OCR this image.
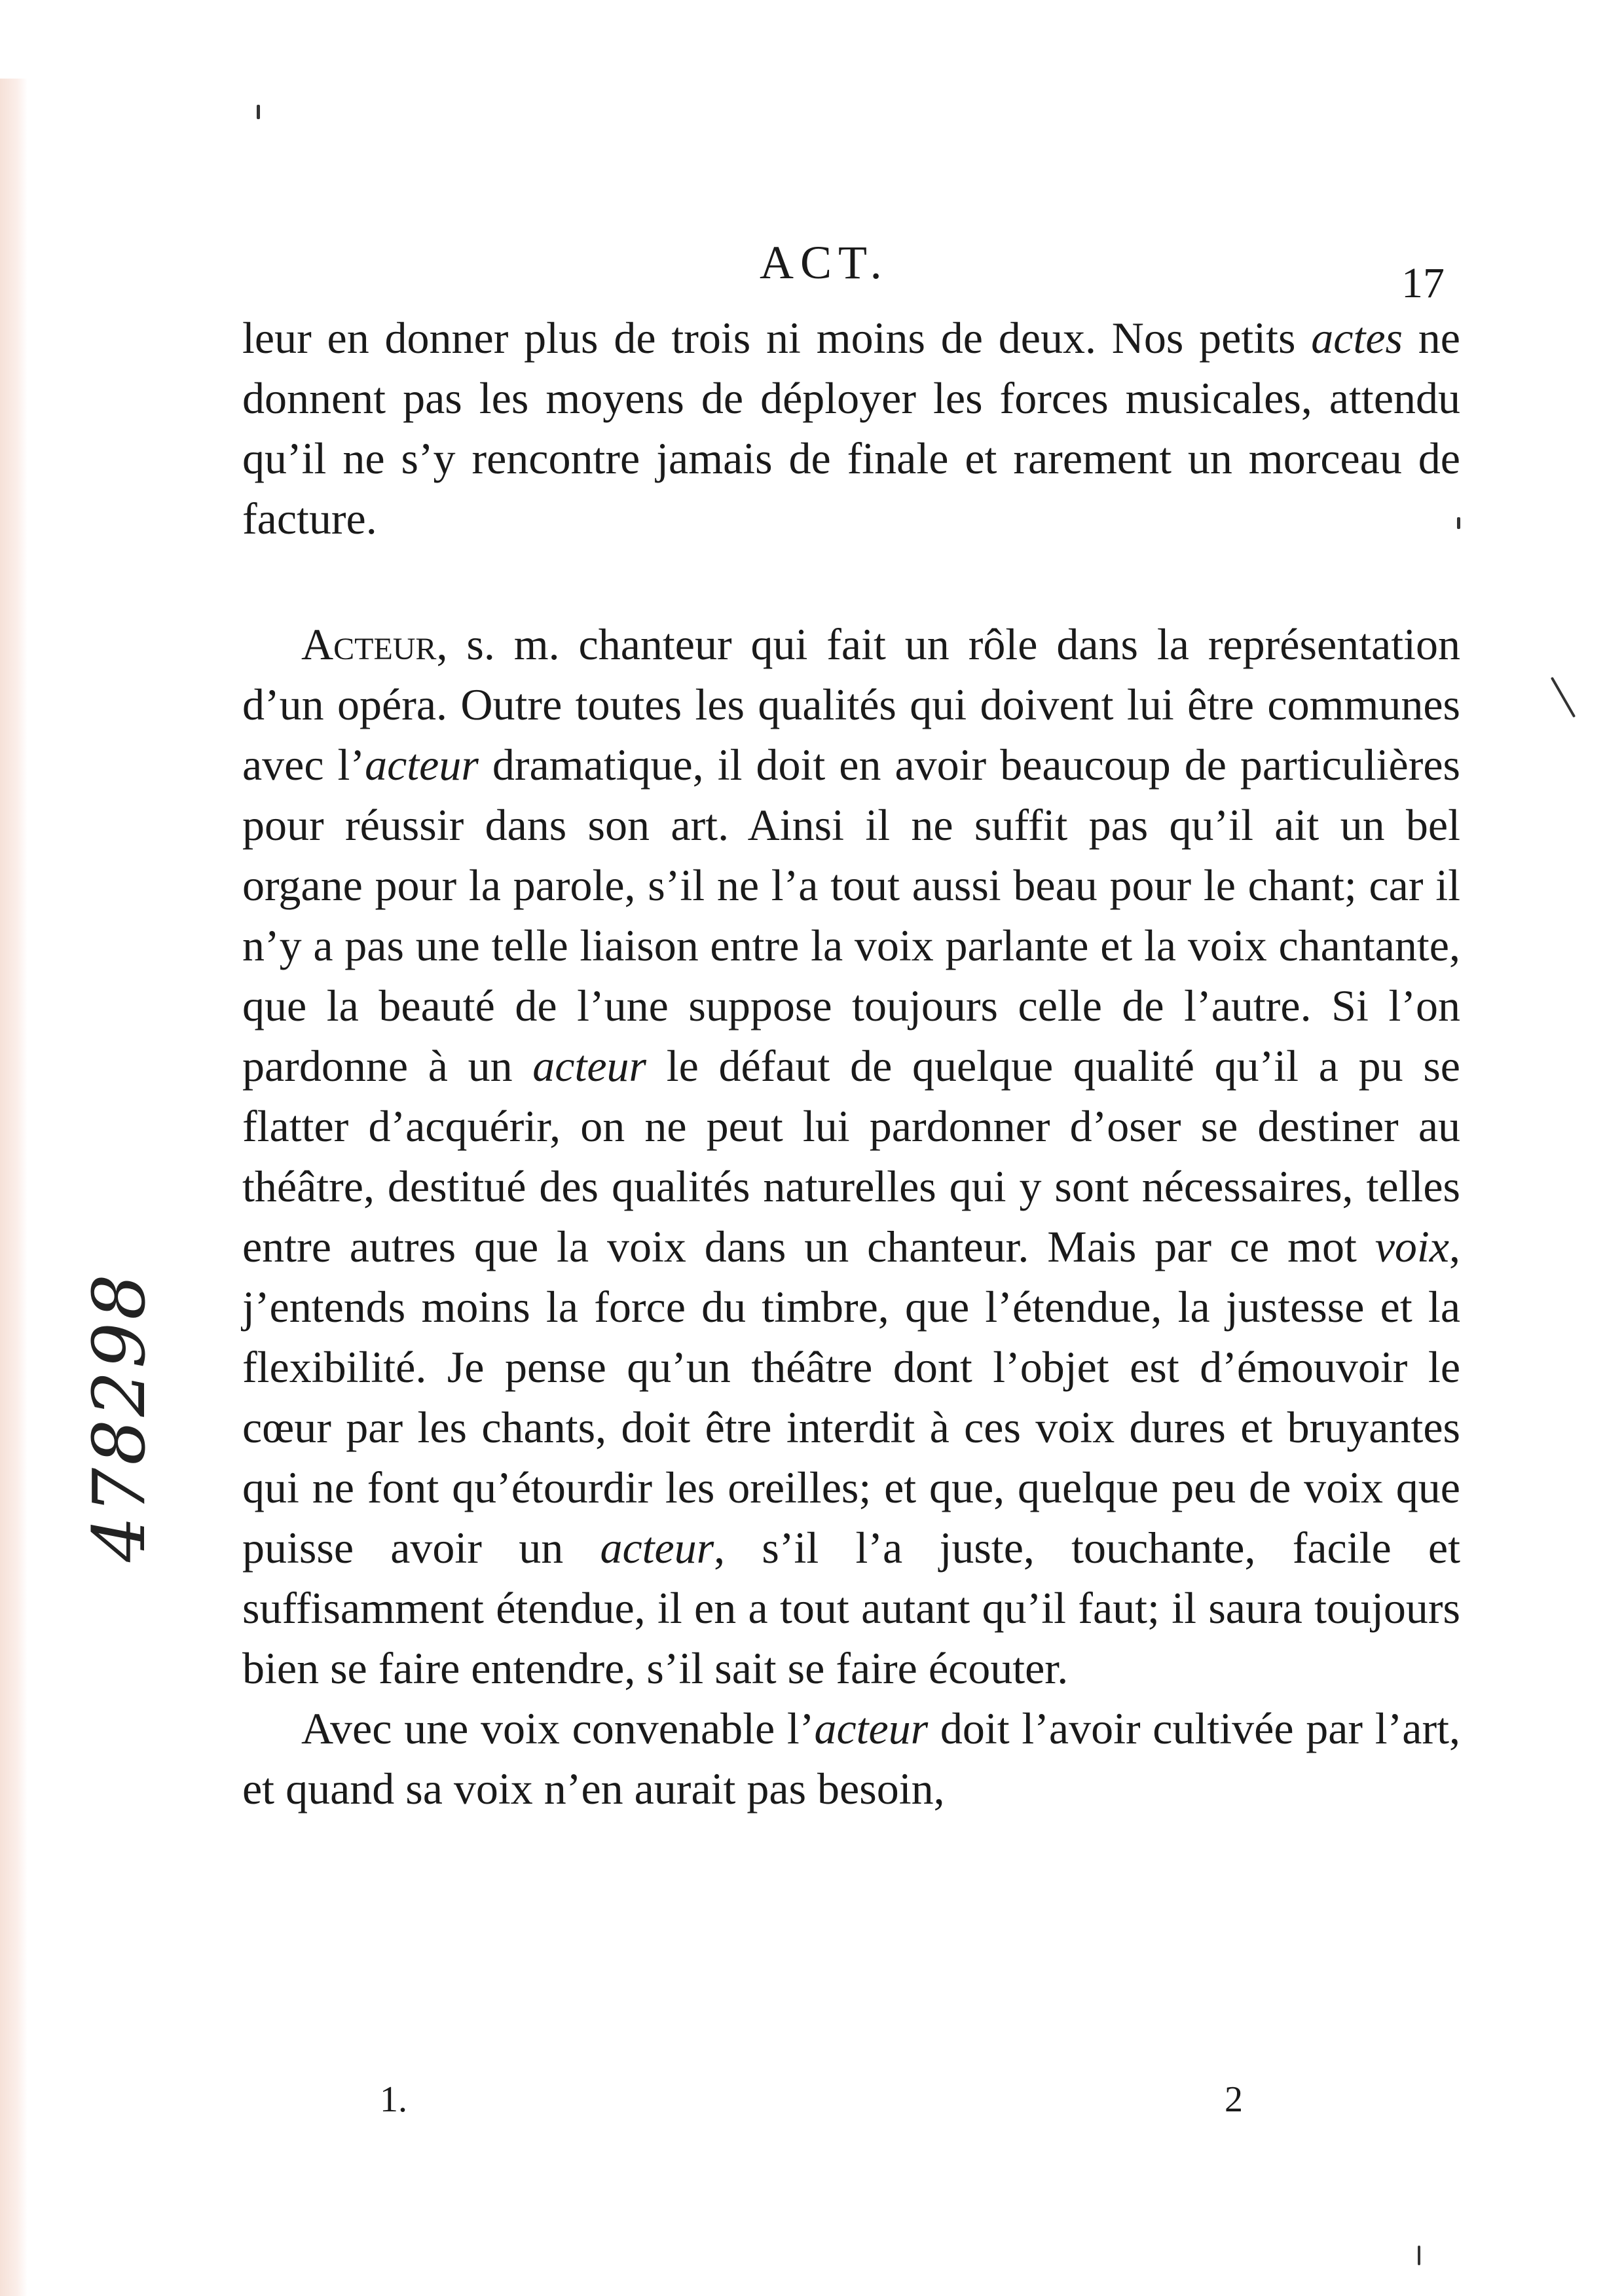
ACT.	17

leur en donner plus de trois ni moins de deux. Nos petits actes ne donnent pas les moyens de déployer les forces musicales, attendu qu’il ne s’y rencontre jamais de finale et rarement un morceau de facture.

Acteur, s. m. chanteur qui fait un rôle dans la représentation d’un opéra. Outre toutes les qualités qui doivent lui être communes avec l’acteur dramatique, il doit en avoir beaucoup de particulières pour réussir dans son art. Ainsi il ne suffit pas qu’il ait un bel organe pour la parole, s’il ne l’a tout aussi beau pour le chant; car il n’y a pas une telle liaison entre la voix parlante et la voix chantante, que la beauté de l’une suppose toujours celle de l’autre. Si l’on pardonne à un acteur le défaut de quelque qualité qu’il a pu se flatter d’acquérir, on ne peut lui pardonner d’oser se destiner au théâtre, destitué des qualités naturelles qui y sont nécessaires, telles entre autres que la voix dans un chanteur. Mais par ce mot voix, j’entends moins la force du timbre, que l’étendue, la justesse et la flexibilité. Je pense qu’un théâtre dont l’objet est d’émouvoir le cœur par les chants, doit être interdit à ces voix dures et bruyantes qui ne font qu’étourdir les oreilles; et que, quelque peu de voix que puisse avoir un acteur, s’il l’a juste, touchante, facile et suffisamment étendue, il en a tout autant qu’il faut; il saura toujours bien se faire entendre, s’il sait se faire écouter.

Avec une voix convenable l’acteur doit l’avoir cultivée par l’art, et quand sa voix n’en aurait pas besoin,

1.	2
478298
